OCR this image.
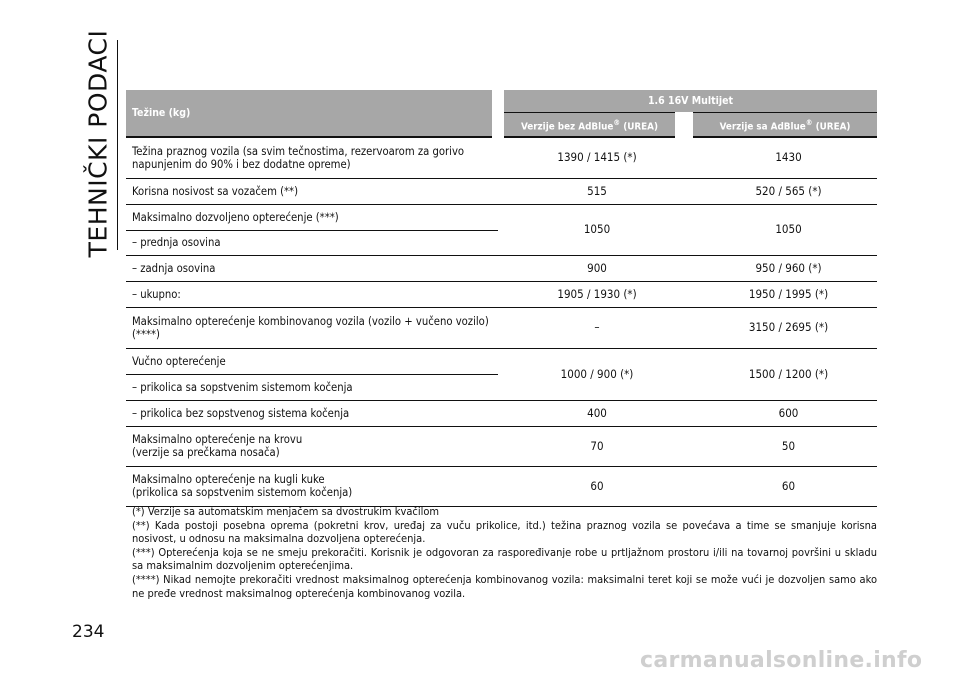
TEHNIČKI PODACI Težine (kg)	1.6 16V Multijet	
	Verzije bez AdBlue® (UREA)	Verzije sa AdBlue® (UREA)
Težina praznog vozila (sa svim tečnostima, rezervoarom za gorivo
napunjenim do 90% i bez dodatne opreme)	1390 / 1415 (*)	1430
Korisna nosivost sa vozačem (**)	515	520 / 565 (*)
Maksimalno dozvoljeno opterećenje (***)	1050	1050
– prednja osovina		
– zadnja osovina	900	950 / 960 (*)
– ukupno:	1905 / 1930 (*)	1950 / 1995 (*)
Maksimalno opterećenje kombinovanog vozila (vozilo + vučeno vozilo)
(****)	–	3150 / 2695 (*)
Vučno opterećenje	1000 / 900 (*)	1500 / 1200 (*)
– prikolica sa sopstvenim sistemom kočenja		
– prikolica bez sopstvenog sistema kočenja	400	600
Maksimalno opterećenje na krovu
(verzije sa prečkama nosača)	70	50
Maksimalno opterećenje na kugli kuke
(prikolica sa sopstvenim sistemom kočenja)	60	60

(*) Verzije sa automatskim menjačem sa dvostrukim kvačilom

(**) Kada postoji posebna oprema (pokretni krov, uređaj za vuču prikolice, itd.) težina praznog vozila se povećava a time se smanjuje korisna nosivost, u odnosu na maksimalna dozvoljena opterećenja.

(***) Opterećenja koja se ne smeju prekoračiti. Korisnik je odgovoran za raspoređivanje robe u prtljažnom prostoru i/ili na tovarnoj površini u skladu sa maksimalnim dozvoljenim opterećenjima.

(****) Nikad nemojte prekoračiti vrednost maksimalnog opterećenja kombinovanog vozila: maksimalni teret koji se može vući je dozvoljen samo ako ne pređe vrednost maksimalnog opterećenja kombinovanog vozila.

234
carmanualsonline.info
